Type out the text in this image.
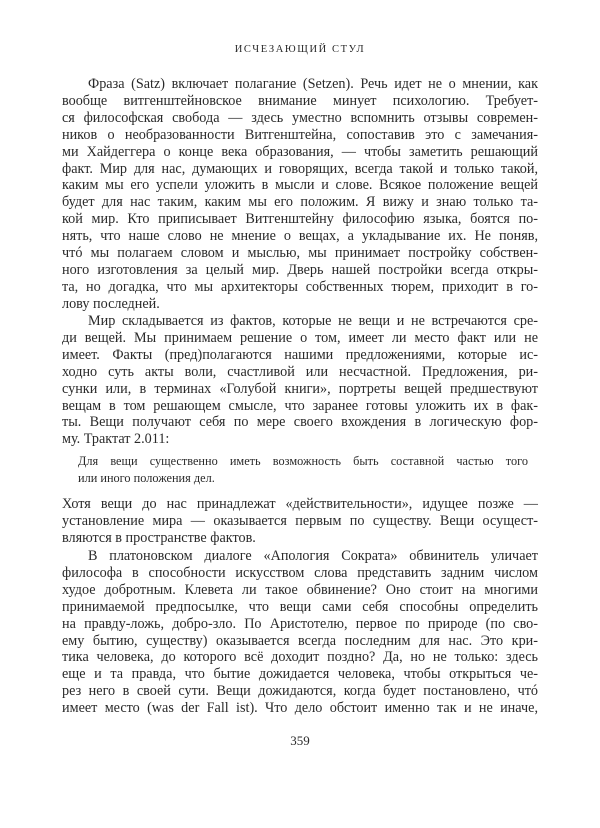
ИСЧЕЗАЮЩИЙ СТУЛ
Фраза (Satz) включает полагание (Setzen). Речь идет не о мнении, как
вообще витгенштейновское внимание минует психологию. Требует-
ся философская свобода — здесь уместно вспомнить отзывы современ-
ников о необразованности Витгенштейна, сопоставив это с замечания-
ми Хайдеггера о конце века образования, — чтобы заметить решающий
факт. Мир для нас, думающих и говорящих, всегда такой и только такой,
каким мы его успели уложить в мысли и слове. Всякое положение вещей
будет для нас таким, каким мы его положим. Я вижу и знаю только та-
кой мир. Кто приписывает Витгенштейну философию языка, боятся по-
нять, что наше слово не мнение о вещах, а укладывание их. Не поняв,
чтó мы полагаем словом и мыслью, мы принимает постройку собствен-
ного изготовления за целый мир. Дверь нашей постройки всегда откры-
та, но догадка, что мы архитекторы собственных тюрем, приходит в го-
лову последней.
Мир складывается из фактов, которые не вещи и не встречаются сре-
ди вещей. Мы принимаем решение о том, имеет ли место факт или не
имеет. Факты (пред)полагаются нашими предложениями, которые ис-
ходно суть акты воли, счастливой или несчастной. Предложения, ри-
сунки или, в терминах «Голубой книги», портреты вещей предшествуют
вещам в том решающем смысле, что заранее готовы уложить их в фак-
ты. Вещи получают себя по мере своего вхождения в логическую фор-
му. Трактат 2.011:
Для вещи существенно иметь возможность быть составной частью того
или иного положения дел.
Хотя вещи до нас принадлежат «действительности», идущее позже —
установление мира — оказывается первым по существу. Вещи осущест-
вляются в пространстве фактов.
В платоновском диалоге «Апология Сократа» обвинитель уличает
философа в способности искусством слова представить задним числом
худое добротным. Клевета ли такое обвинение? Оно стоит на многими
принимаемой предпосылке, что вещи сами себя способны определить
на правду-ложь, добро-зло. По Аристотелю, первое по природе (по сво-
ему бытию, существу) оказывается всегда последним для нас. Это кри-
тика человека, до которого всё доходит поздно? Да, но не только: здесь
еще и та правда, что бытие дожидается человека, чтобы открыться че-
рез него в своей сути. Вещи дожидаются, когда будет постановлено, чтó
имеет место (was der Fall ist). Что дело обстоит именно так и не иначе,
359
